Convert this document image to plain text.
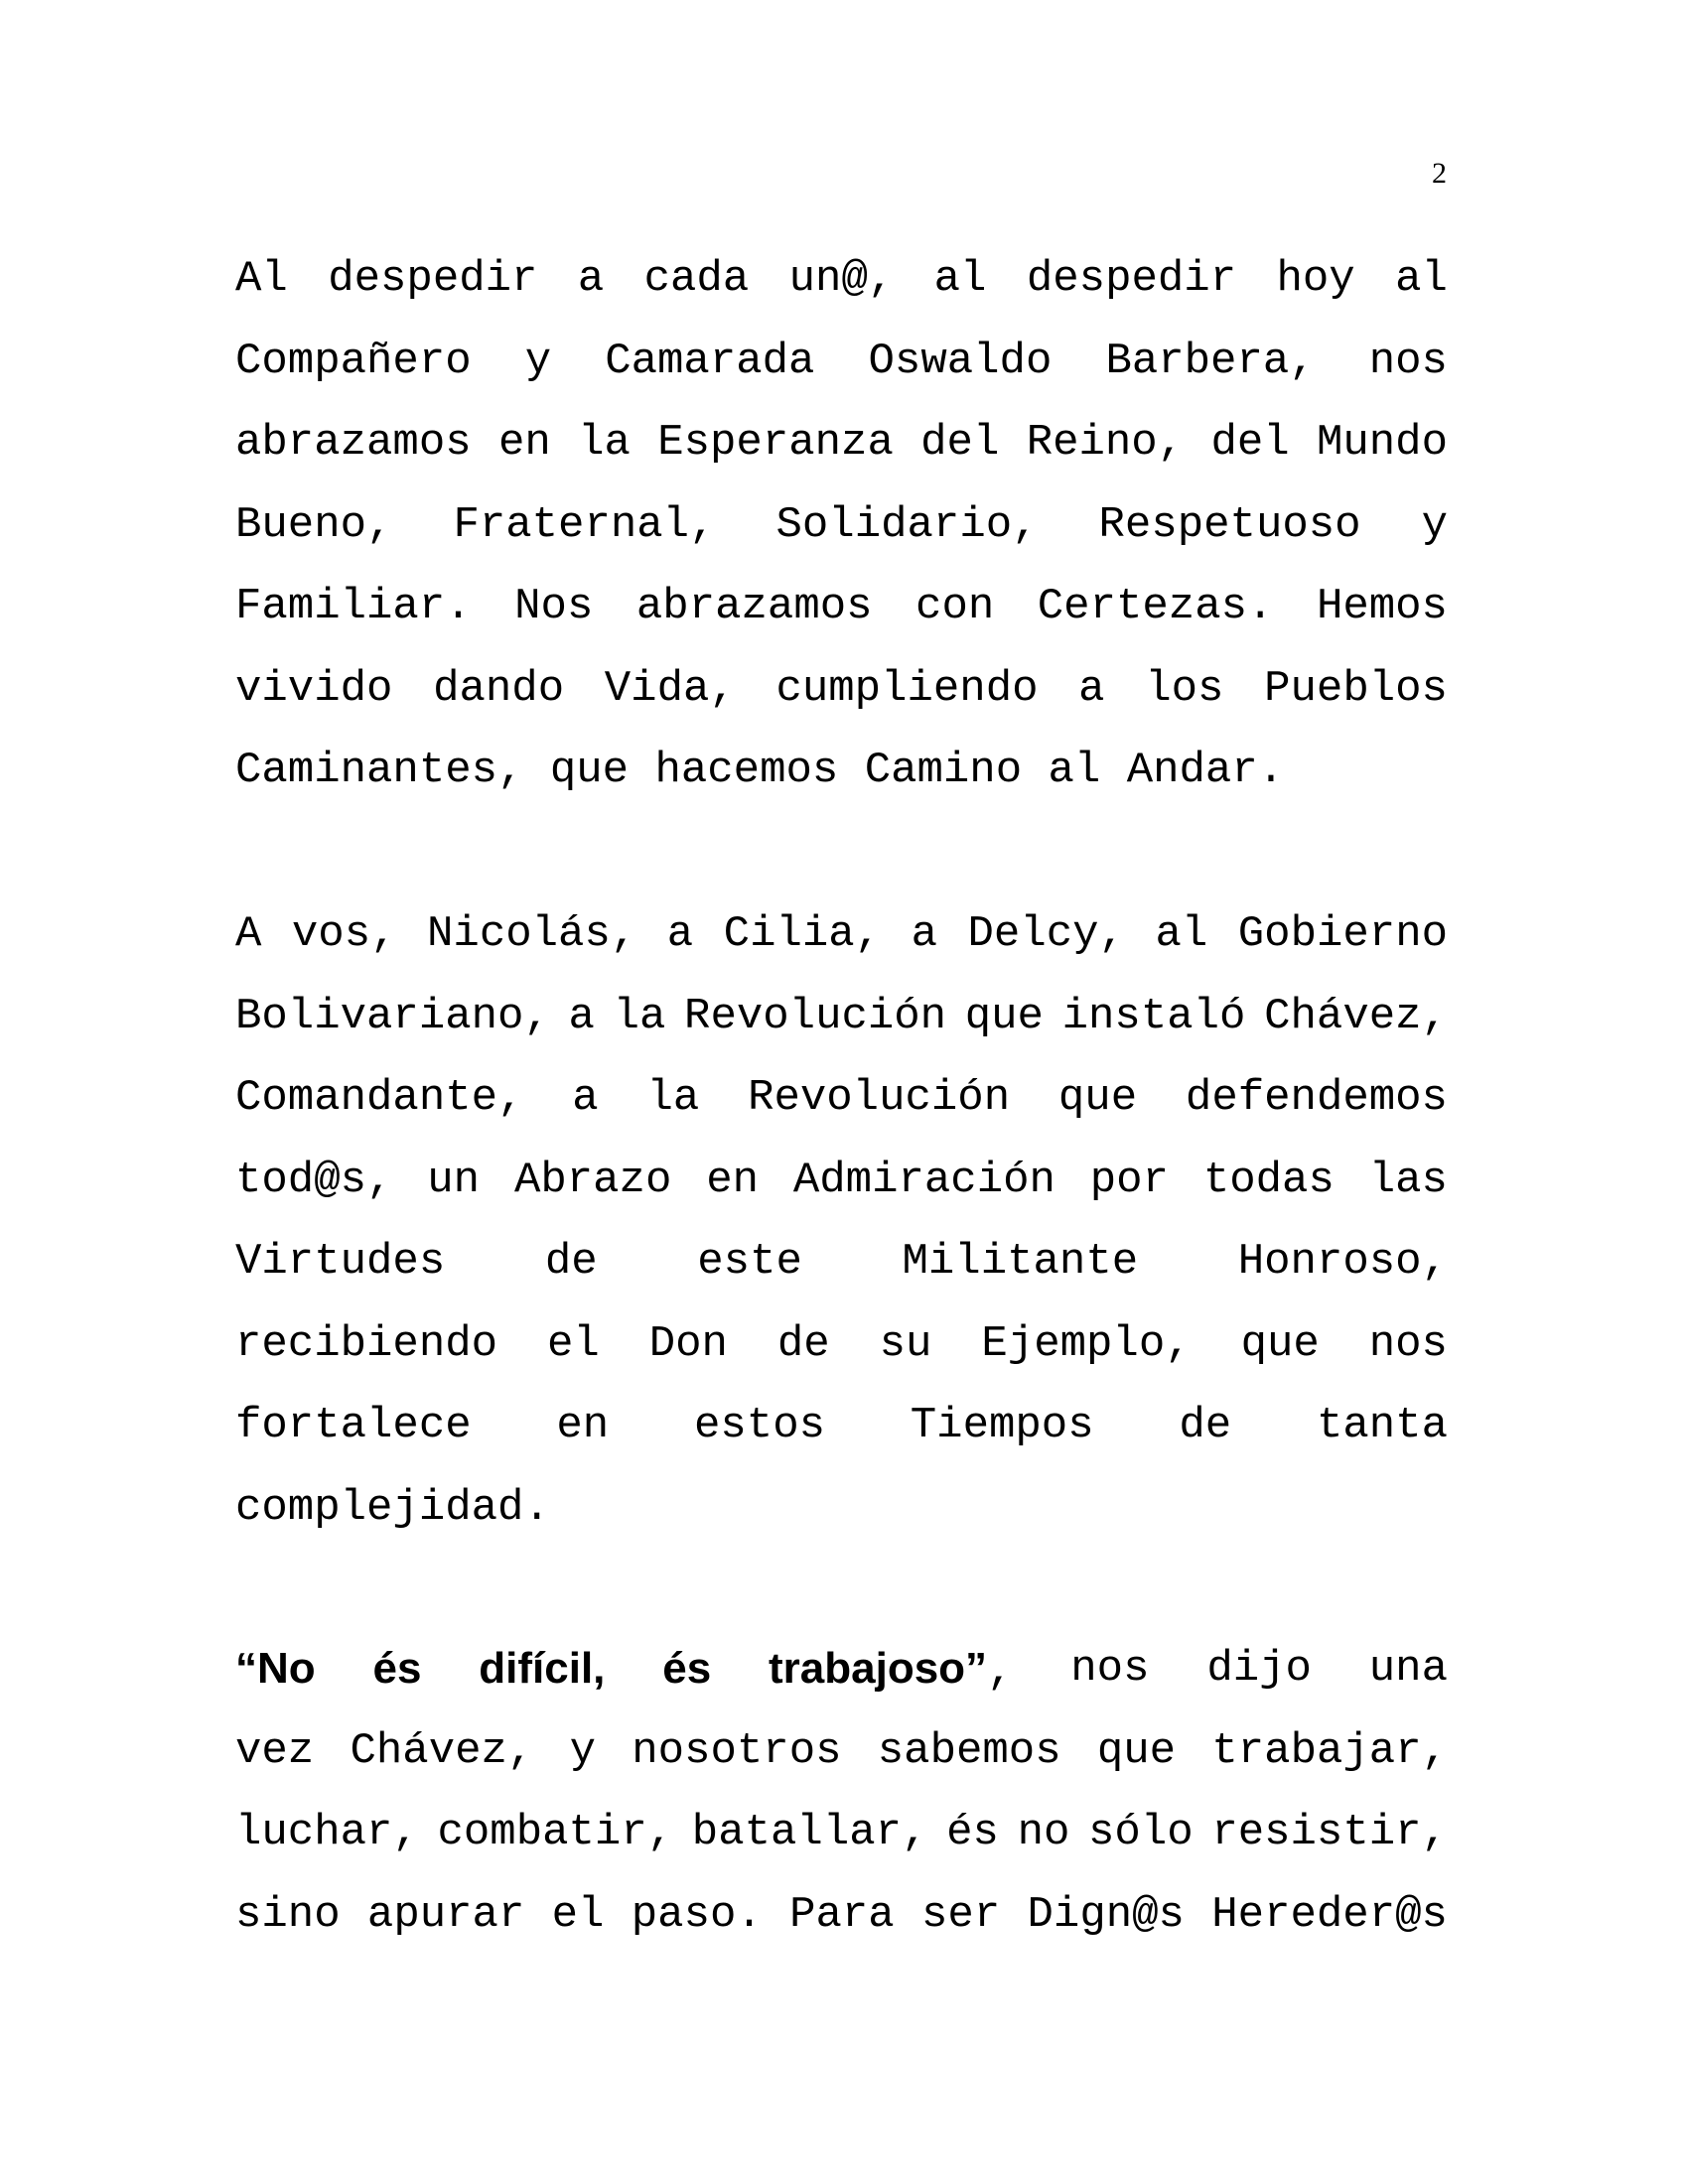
2
Al despedir a cada un@, al despedir hoy al
Compañero y Camarada Oswaldo Barbera, nos
abrazamos en la Esperanza del Reino, del Mundo
Bueno, Fraternal, Solidario, Respetuoso y
Familiar. Nos abrazamos con Certezas. Hemos
vivido dando Vida, cumpliendo a los Pueblos
Caminantes, que hacemos Camino al Andar.
A vos, Nicolás, a Cilia, a Delcy, al Gobierno
Bolivariano, a la Revolución que instaló Chávez,
Comandante, a la Revolución que defendemos
tod@s, un Abrazo en Admiración por todas las
Virtudes de este Militante Honroso,
recibiendo el Don de su Ejemplo, que nos
fortalece en estos Tiempos de tanta
complejidad.
“No és difícil, és trabajoso”, nos dijo una
vez Chávez, y nosotros sabemos que trabajar,
luchar, combatir, batallar, és no sólo resistir,
sino apurar el paso. Para ser Dign@s Hereder@s
